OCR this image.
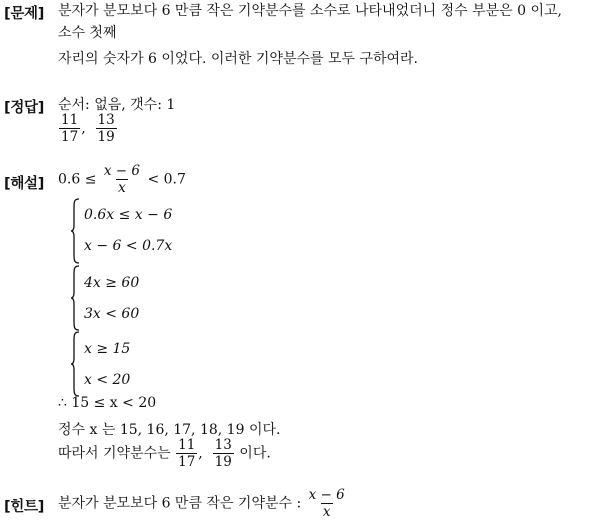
[문제] 분자가 분모보다 6 만큼 작은 기약분수를 소수로 나타내었더니 정수 부분은 0 이고,
소수 첫째
자리의 숫자가 6 이었다. 이러한 기약분수를 모두 구하여라.
[정답] 순서: 없음, 갯수: 1
$\frac{11}{17}$ , $\frac{13}{19}$
[해설] $0.6 \le \frac{x - 6}{x} < 0.7$
0.6x ≤ x − 6
x − 6 < 0.7x
4x ≥ 60
3x < 60
x ≥ 15
x < 20
∴ 15 ≤ x < 20
정수 x 는 15, 16, 17, 18, 19 이다.
따라서 기약분수는 $\frac{11}{17}$ , $\frac{13}{19}$ 이다.
[힌트] 분자가 분모보다 6 만큼 작은 기약분수 : $\frac{x - 6}{x}$
